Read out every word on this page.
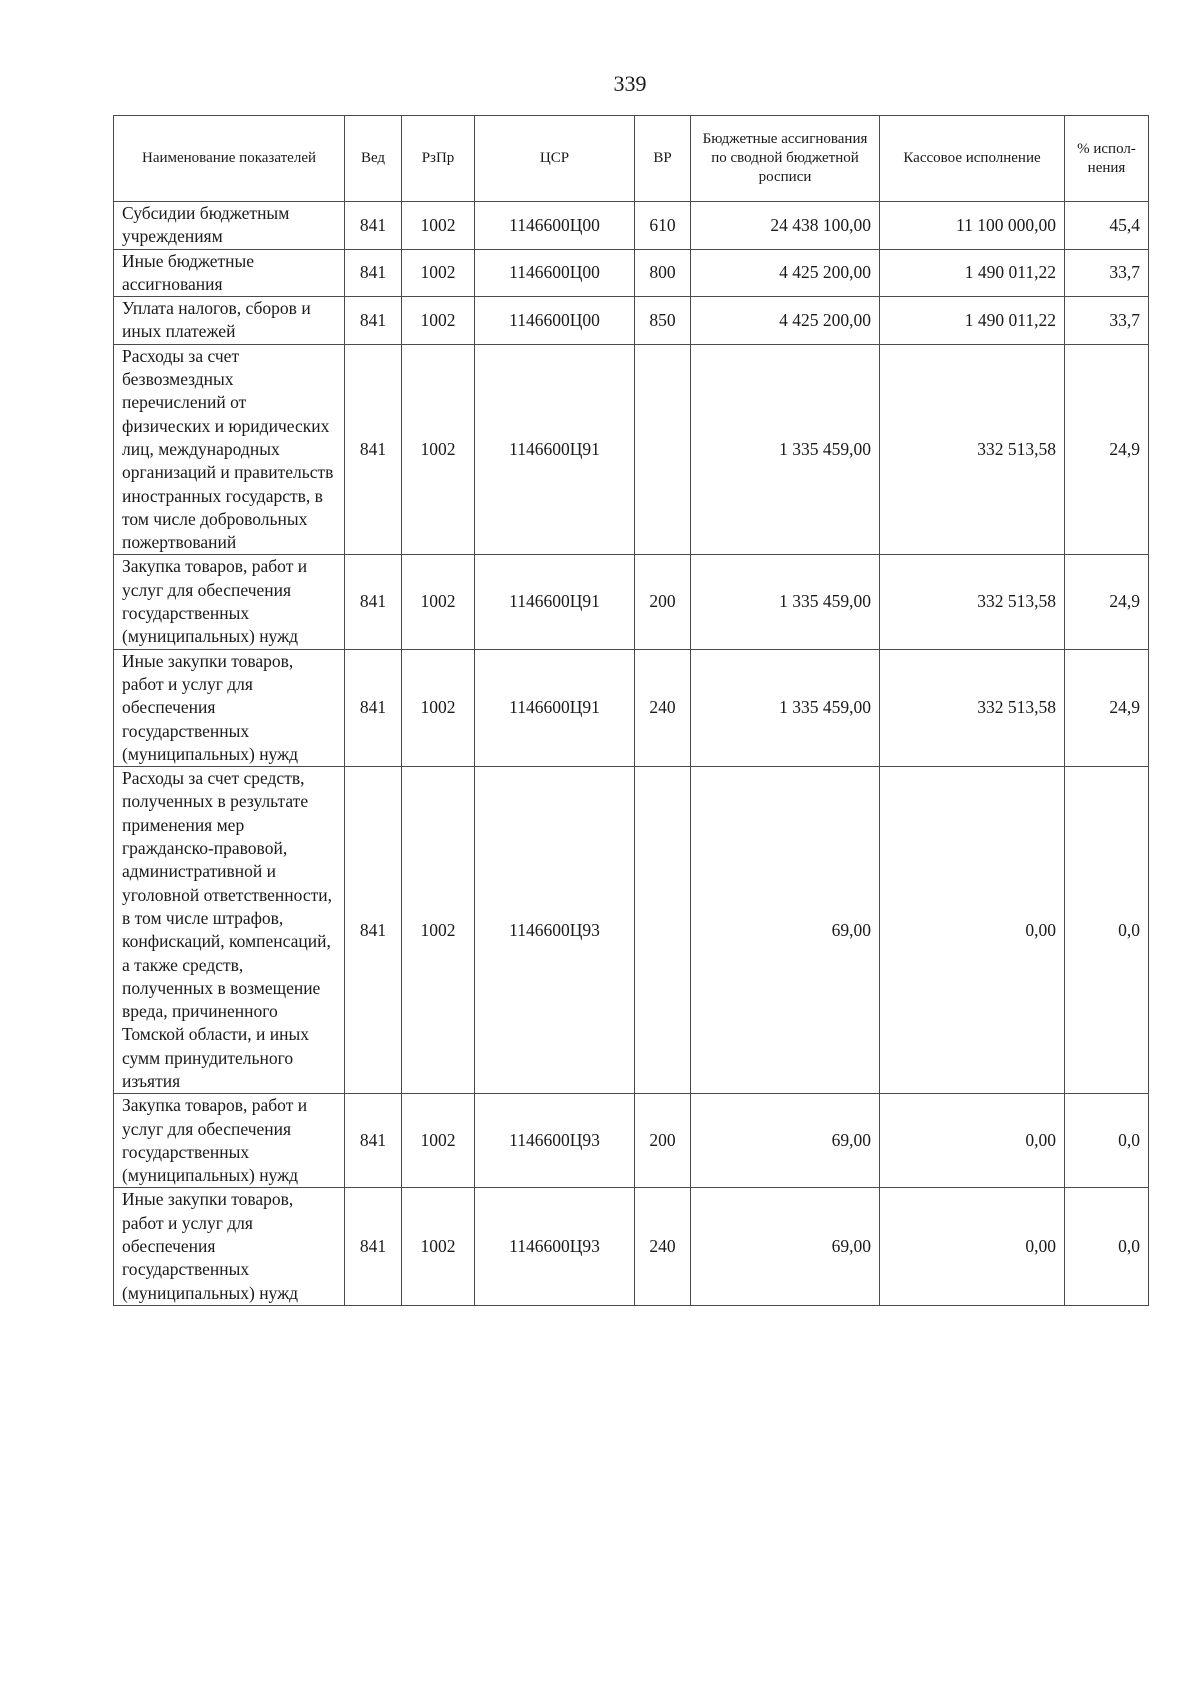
339
Наименование показателей	Вед	РзПр	ЦСР	ВР	Бюджетные ассигнования по сводной бюджетной росписи	Кассовое исполнение	% испол- нения
Субсидии бюджетным учреждениям	841	1002	1146600Ц00	610	24 438 100,00	11 100 000,00	45,4
Иные бюджетные ассигнования	841	1002	1146600Ц00	800	4 425 200,00	1 490 011,22	33,7
Уплата налогов, сборов и иных платежей	841	1002	1146600Ц00	850	4 425 200,00	1 490 011,22	33,7
Расходы за счет безвозмездных перечислений от физических и юридических лиц, международных организаций и правительств иностранных государств, в том числе добровольных пожертвований	841	1002	1146600Ц91		1 335 459,00	332 513,58	24,9
Закупка товаров, работ и услуг для обеспечения государственных (муниципальных) нужд	841	1002	1146600Ц91	200	1 335 459,00	332 513,58	24,9
Иные закупки товаров, работ и услуг для обеспечения государственных (муниципальных) нужд	841	1002	1146600Ц91	240	1 335 459,00	332 513,58	24,9
Расходы за счет средств, полученных в результате применения мер гражданско-правовой, административной и уголовной ответственности, в том числе штрафов, конфискаций, компенсаций, а также средств, полученных в возмещение вреда, причиненного Томской области, и иных сумм принудительного изъятия	841	1002	1146600Ц93		69,00	0,00	0,0
Закупка товаров, работ и услуг для обеспечения государственных (муниципальных) нужд	841	1002	1146600Ц93	200	69,00	0,00	0,0
Иные закупки товаров, работ и услуг для обеспечения государственных (муниципальных) нужд	841	1002	1146600Ц93	240	69,00	0,00	0,0
